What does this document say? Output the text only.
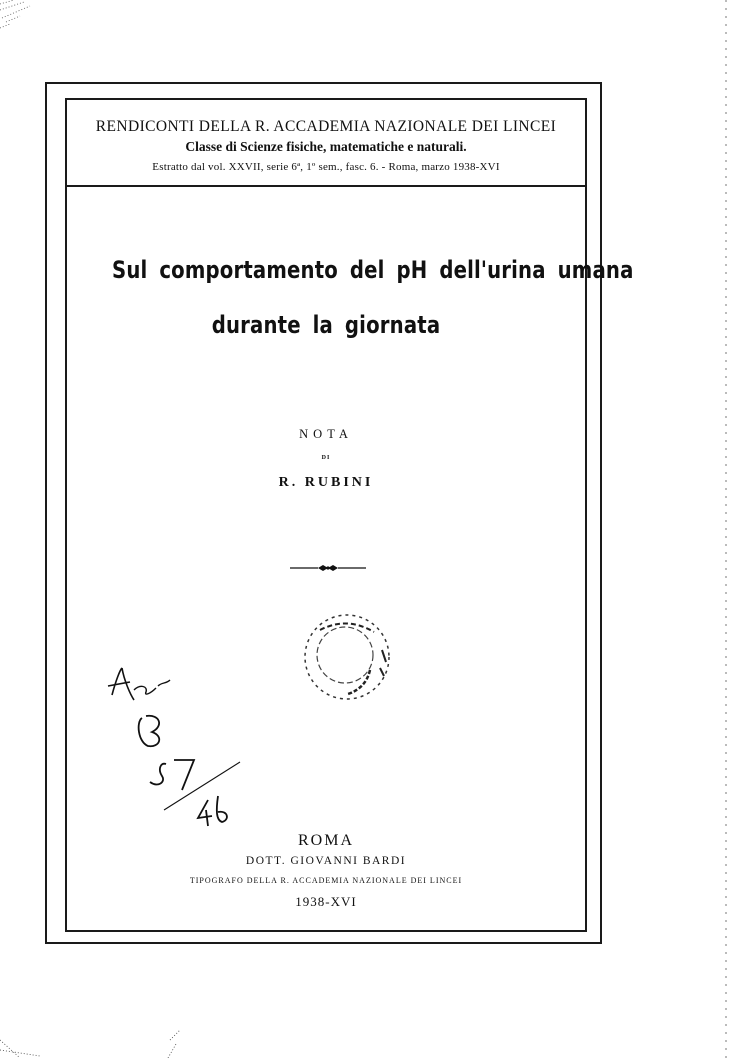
RENDICONTI DELLA R. ACCADEMIA NAZIONALE DEI LINCEI
Classe di Scienze fisiche, matematiche e naturali.
Estratto dal vol. XXVII, serie 6ª, 1º sem., fasc. 6. - Roma, marzo 1938-XVI
Sul comportamento del pH dell'urina umana
durante la giornata
NOTA
DI
R. RUBINI
ROMA
DOTT. GIOVANNI BARDI
TIPOGRAFO DELLA R. ACCADEMIA NAZIONALE DEI LINCEI
1938-XVI
